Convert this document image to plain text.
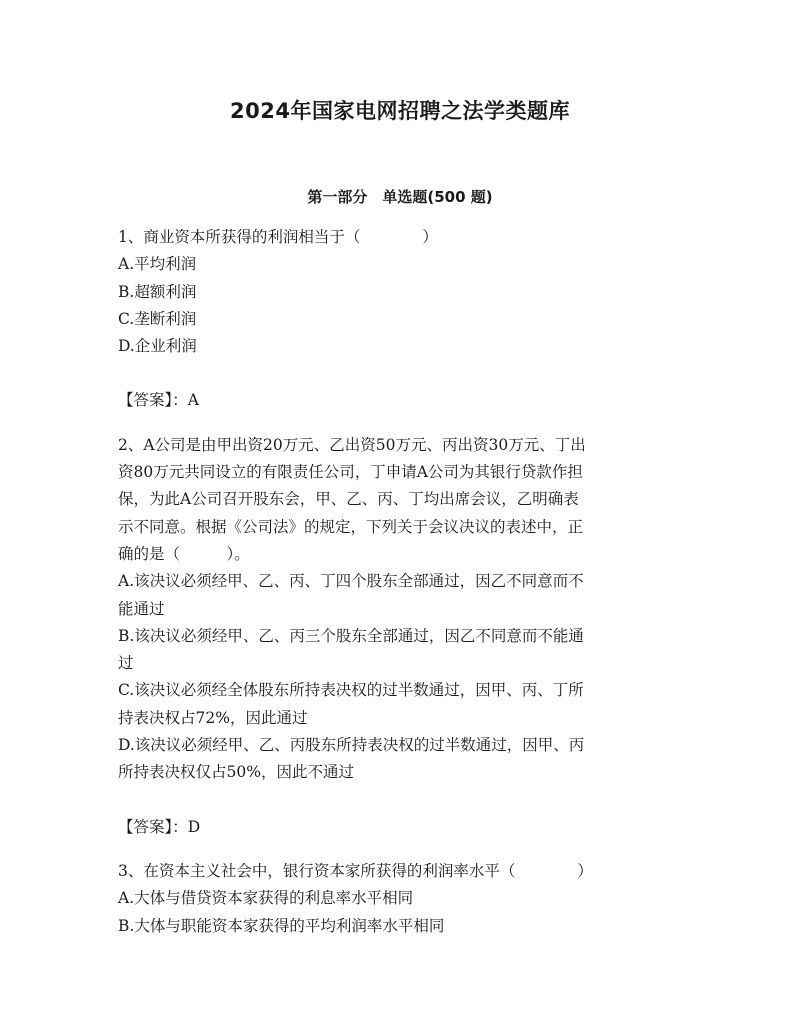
2024年国家电网招聘之法学类题库
第一部分　单选题(500 题)
1、商业资本所获得的利润相当于（　　　　）
A.平均利润
B.超额利润
C.垄断利润
D.企业利润
【答案】：A
2、A公司是由甲出资20万元、乙出资50万元、丙出资30万元、丁出
资80万元共同设立的有限责任公司，丁申请A公司为其银行贷款作担
保，为此A公司召开股东会，甲、乙、丙、丁均出席会议，乙明确表
示不同意。根据《公司法》的规定，下列关于会议决议的表述中，正
确的是（　　　）。
A.该决议必须经甲、乙、丙、丁四个股东全部通过，因乙不同意而不
能通过
B.该决议必须经甲、乙、丙三个股东全部通过，因乙不同意而不能通
过
C.该决议必须经全体股东所持表决权的过半数通过，因甲、丙、丁所
持表决权占72%，因此通过
D.该决议必须经甲、乙、丙股东所持表决权的过半数通过，因甲、丙
所持表决权仅占50%，因此不通过
【答案】：D
3、在资本主义社会中，银行资本家所获得的利润率水平（　　　　）
A.大体与借贷资本家获得的利息率水平相同
B.大体与职能资本家获得的平均利润率水平相同
